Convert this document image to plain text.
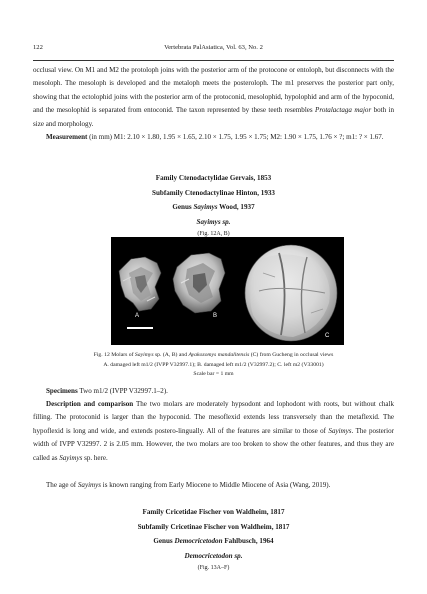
122	Vertebrata PalAsiatica, Vol. 63, No. 2
occlusal view. On M1 and M2 the protoloph joins with the posterior arm of the protocone or entoloph, but disconnects with the mesoloph. The mesoloph is developed and the metaloph meets the posteroloph. The m1 preserves the posterior part only, showing that the ectolophid joins with the posterior arm of the protoconid, mesolophid, hypolophid and arm of the hypoconid, and the mesolophid is separated from entoconid. The taxon represented by these teeth resembles Protalactaga major both in size and morphology.
Measurement (in mm) M1: 2.10 × 1.80, 1.95 × 1.65, 2.10 × 1.75, 1.95 × 1.75; M2: 1.90 × 1.75, 1.76 × ?; m1: ? × 1.67.
Family Ctenodactylidae Gervais, 1853
Subfamily Ctenodactylinae Hinton, 1933
Genus Sayimys Wood, 1937
Sayimys sp.
(Fig. 12A, B)
A	B
C
Fig. 12 Molars of Sayimys sp. (A, B) and Ayakozomys mandalitensis (C) from Gucheng in occlusal views
A. damaged left m1/2 (IVPP V32997.1); B. damaged left m1/2 (V32997.2); C. left m2 (V33001)
Scale bar = 1 mm
Specimens Two m1/2 (IVPP V32997.1–2).
Description and comparison The two molars are moderately hypsodont and lophodont with roots, but without chalk filling. The protoconid is larger than the hypoconid. The mesoflexid extends less transversely than the metaflexid. The hypoflexid is long and wide, and extends postero-lingually. All of the features are similar to those of Sayimys. The posterior width of IVPP V32997. 2 is 2.05 mm. However, the two molars are too broken to show the other features, and thus they are called as Sayimys sp. here.
The age of Sayimys is known ranging from Early Miocene to Middle Miocene of Asia (Wang, 2019).
Family Cricetidae Fischer von Waldheim, 1817
Subfamily Cricetinae Fischer von Waldheim, 1817
Genus Democricetodon Fahlbusch, 1964
Democricetodon sp.
(Fig. 13A–F)
